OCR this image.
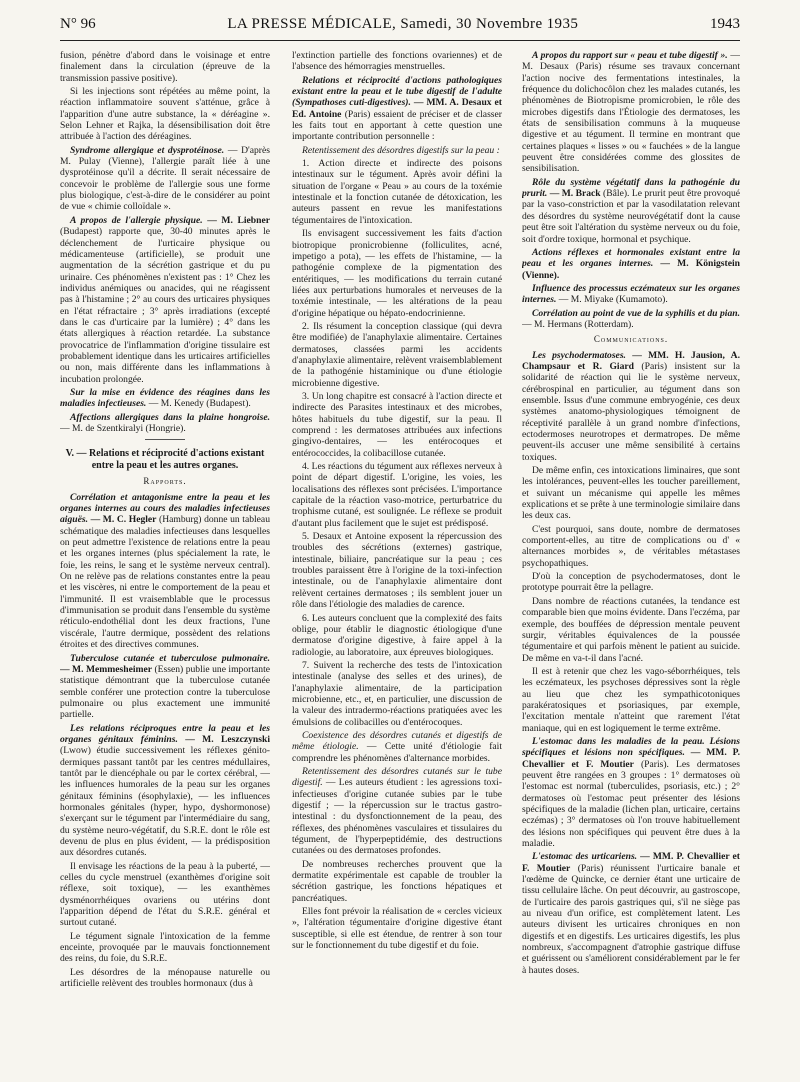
N° 96	LA PRESSE MÉDICALE, Samedi, 30 Novembre 1935	1943

fusion, pénètre d'abord dans le voisinage et entre finalement dans la circulation (épreuve de la transmission passive positive).

Si les injections sont répétées au même point, la réaction inflammatoire souvent s'atténue, grâce à l'apparition d'une autre substance, la « déréagine ». Selon Lehner et Rajka, la désensibilisation doit être attribuée à l'action des déréagines.

Syndrome allergique et dysprotéinose. — D'après M. Pulay (Vienne), l'allergie paraît liée à une dysprotéinose qu'il a décrite. Il serait nécessaire de concevoir le problème de l'allergie sous une forme plus biologique, c'est-à-dire de le considérer au point de vue « chimie colloïdale ».

A propos de l'allergie physique. — M. Liebner (Budapest) rapporte que, 30-40 minutes après le déclenchement de l'urticaire physique ou médicamenteuse (artificielle), se produit une augmentation de la sécrétion gastrique et du pu urinaire. Ces phénomènes n'existent pas : 1° Chez les individus anémiques ou anacides, qui ne réagissent pas à l'histamine ; 2° au cours des urticaires physiques en l'état réfractaire ; 3° après irradiations (excepté dans le cas d'urticaire par la lumière) ; 4° dans les états allergiques à réaction retardée. La substance provocatrice de l'inflammation d'origine tissulaire est probablement identique dans les urticaires artificielles ou non, mais différente dans les inflammations à incubation prolongée.

Sur la mise en évidence des réagines dans les maladies infectieuses. — M. Kenedy (Budapest).

Affections allergiques dans la plaine hongroise. — M. de Szentkiralyi (Hongrie).

V. — Relations et réciprocité d'actions existant entre la peau et les autres organes.
Rapports.

Corrélation et antagonisme entre la peau et les organes internes au cours des maladies infectieuses aiguës. — M. C. Hegler (Hamburg) donne un tableau schématique des maladies infectieuses dans lesquelles on peut admettre l'existence de relations entre la peau et les organes internes (plus spécialement la rate, le foie, les reins, le sang et le système nerveux central). On ne relève pas de relations constantes entre la peau et les viscères, ni entre le comportement de la peau et l'immunité. Il est vraisemblable que le processus d'immunisation se produit dans l'ensemble du système réticulo-endothélial dont les deux fractions, l'une viscérale, l'autre dermique, possèdent des relations étroites et des directives communes.

Tuberculose cutanée et tuberculose pulmonaire. — M. Memmesheimer (Essen) publie une importante statistique démontrant que la tuberculose cutanée semble conférer une protection contre la tuberculose pulmonaire ou plus exactement une immunité partielle.

Les relations réciproques entre la peau et les organes génitaux féminins. — M. Leszczynski (Lwow) étudie successivement les réflexes génito-dermiques passant tantôt par les centres médullaires, tantôt par le diencéphale ou par le cortex cérébral, — les influences humorales de la peau sur les organes génitaux féminins (ésophylaxie), — les influences hormonales génitales (hyper, hypo, dyshormonose) s'exerçant sur le tégument par l'intermédiaire du sang, du système neuro-végétatif, du S.R.E. dont le rôle est devenu de plus en plus évident, — la prédisposition aux désordres cutanés.

Il envisage les réactions de la peau à la puberté, — celles du cycle menstruel (exanthèmes d'origine soit réflexe, soit toxique), — les exanthèmes dysménorrhéiques ovariens ou utérins dont l'apparition dépend de l'état du S.R.E. général et surtout cutané.

Le tégument signale l'intoxication de la femme enceinte, provoquée par le mauvais fonctionnement des reins, du foie, du S.R.E.

Les désordres de la ménopause naturelle ou artificielle relèvent des troubles hormonaux (dus à

l'extinction partielle des fonctions ovariennes) et de l'absence des hémorragies menstruelles.

Relations et réciprocité d'actions pathologiques existant entre la peau et le tube digestif de l'adulte (Sympathoses cuti-digestives). — MM. A. Desaux et Ed. Antoine (Paris) essaient de préciser et de classer les faits tout en apportant à cette question une importante contribution personnelle :

Retentissement des désordres digestifs sur la peau :

1. Action directe et indirecte des poisons intestinaux sur le tégument. Après avoir défini la situation de l'organe « Peau » au cours de la toxémie intestinale et la fonction cutanée de détoxication, les auteurs passent en revue les manifestations tégumentaires de l'intoxication.

Ils envisagent successivement les faits d'action biotropique pronicrobienne (folliculites, acné, impetigo a pota), — les effets de l'histamine, — la pathogénie complexe de la pigmentation des entéritiques, — les modifications du terrain cutané liées aux perturbations humorales et nerveuses de la toxémie intestinale, — les altérations de la peau d'origine hépatique ou hépato-endocrinienne.

2. Ils résument la conception classique (qui devra être modifiée) de l'anaphylaxie alimentaire. Certaines dermatoses, classées parmi les accidents d'anaphylaxie alimentaire, relèvent vraisemblablement de la pathogénie histaminique ou d'une étiologie microbienne digestive.

3. Un long chapitre est consacré à l'action directe et indirecte des Parasites intestinaux et des microbes, hôtes habituels du tube digestif, sur la peau. Il comprend : les dermatoses attribuées aux infections gingivo-dentaires, — les entérocoques et entérococcides, la colibacillose cutanée.

4. Les réactions du tégument aux réflexes nerveux à point de départ digestif. L'origine, les voies, les localisations des réflexes sont précisées. L'importance capitale de la réaction vaso-motrice, perturbatrice du trophisme cutané, est soulignée. Le réflexe se produit d'autant plus facilement que le sujet est prédisposé.

5. Desaux et Antoine exposent la répercussion des troubles des sécrétions (externes) gastrique, intestinale, biliaire, pancréatique sur la peau ; ces troubles paraissent être à l'origine de la toxi-infection intestinale, ou de l'anaphylaxie alimentaire dont relèvent certaines dermatoses ; ils semblent jouer un rôle dans l'étiologie des maladies de carence.

6. Les auteurs concluent que la complexité des faits oblige, pour établir le diagnostic étiologique d'une dermatose d'origine digestive, à faire appel à la radiologie, au laboratoire, aux épreuves biologiques.

7. Suivent la recherche des tests de l'intoxication intestinale (analyse des selles et des urines), de l'anaphylaxie alimentaire, de la participation microbienne, etc., et, en particulier, une discussion de la valeur des intradermo-réactions pratiquées avec les émulsions de colibacilles ou d'entérocoques.

Coexistence des désordres cutanés et digestifs de même étiologie. — Cette unité d'étiologie fait comprendre les phénomènes d'alternance morbides.

Retentissement des désordres cutanés sur le tube digestif. — Les auteurs étudient : les agressions toxi-infectieuses d'origine cutanée subies par le tube digestif ; — la répercussion sur le tractus gastro-intestinal : du dysfonctionnement de la peau, des réflexes, des phénomènes vasculaires et tissulaires du tégument, de l'hyperpeptidémie, des destructions cutanées ou des dermatoses profondes.

De nombreuses recherches prouvent que la dermatite expérimentale est capable de troubler la sécrétion gastrique, les fonctions hépatiques et pancréatiques.

Elles font prévoir la réalisation de « cercles vicieux », l'altération tégumentaire d'origine digestive étant susceptible, si elle est étendue, de rentrer à son tour sur le fonctionnement du tube digestif et du foie.

A propos du rapport sur « peau et tube digestif ». — M. Desaux (Paris) résume ses travaux concernant l'action nocive des fermentations intestinales, la fréquence du dolichocôlon chez les malades cutanés, les phénomènes de Biotropisme promicrobien, le rôle des microbes digestifs dans l'Étiologie des dermatoses, les états de sensibilisation communs à la muqueuse digestive et au tégument. Il termine en montrant que certaines plaques « lisses » ou « fauchées » de la langue peuvent être considérées comme des glossites de sensibilisation.

Rôle du système végétatif dans la pathogénie du prurit. — M. Brack (Bâle). Le prurit peut être provoqué par la vaso-constriction et par la vasodilatation relevant des désordres du système neurovégétatif dont la cause peut être soit l'altération du système nerveux ou du foie, soit d'ordre toxique, hormonal et psychique.

Actions réflexes et hormonales existant entre la peau et les organes internes. — M. Königstein (Vienne).

Influence des processus eczémateux sur les organes internes. — M. Miyake (Kumamoto).

Corrélation au point de vue de la syphilis et du pian. — M. Hermans (Rotterdam).

Communications.

Les psychodermatoses. — MM. H. Jausion, A. Champsaur et R. Giard (Paris) insistent sur la solidarité de réaction qui lie le système nerveux, cérébrospinal en particulier, au tégument dans son ensemble. Issus d'une commune embryogénie, ces deux systèmes anatomo-physiologiques témoignent de réceptivité parallèle à un grand nombre d'infections, ectodermoses neurotropes et dermatropes. De même peuvent-ils accuser une même sensibilité à certains toxiques.

De même enfin, ces intoxications liminaires, que sont les intolérances, peuvent-elles les toucher pareillement, et suivant un mécanisme qui appelle les mêmes explications et se prête à une terminologie similaire dans les deux cas.

C'est pourquoi, sans doute, nombre de dermatoses comportent-elles, au titre de complications ou d' « alternances morbides », de véritables métastases psychopathiques.

D'où la conception de psychodermatoses, dont le prototype pourrait être la pellagre.

Dans nombre de réactions cutanées, la tendance est comparable bien que moins évidente. Dans l'eczéma, par exemple, des bouffées de dépression mentale peuvent surgir, véritables équivalences de la poussée tégumentaire et qui parfois mènent le patient au suicide. De même en va-t-il dans l'acné.

Il est à retenir que chez les vago-séborrhéiques, tels les eczémateux, les psychoses dépressives sont la règle au lieu que chez les sympathicotoniques parakératosiques et psoriasiques, par exemple, l'excitation mentale n'atteint que rarement l'état maniaque, qui en est logiquement le terme extrême.

L'estomac dans les maladies de la peau. Lésions spécifiques et lésions non spécifiques. — MM. P. Chevallier et F. Moutier (Paris). Les dermatoses peuvent être rangées en 3 groupes : 1° dermatoses où l'estomac est normal (tuberculides, psoriasis, etc.) ; 2° dermatoses où l'estomac peut présenter des lésions spécifiques de la maladie (lichen plan, urticaire, certains eczémas) ; 3° dermatoses où l'on trouve habituellement des lésions non spécifiques qui peuvent être dues à la maladie.

L'estomac des urticariens. — MM. P. Chevallier et F. Moutier (Paris) réunissent l'urticaire banale et l'œdème de Quincke, ce dernier étant une urticaire de tissu cellulaire lâche. On peut découvrir, au gastroscope, de l'urticaire des parois gastriques qui, s'il ne siège pas au niveau d'un orifice, est complètement latent. Les auteurs divisent les urticaires chroniques en non digestifs et en digestifs. Les urticaires digestifs, les plus nombreux, s'accompagnent d'atrophie gastrique diffuse et guérissent ou s'améliorent considérablement par le fer à hautes doses.
